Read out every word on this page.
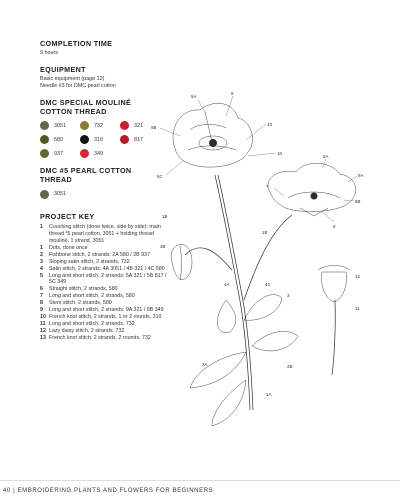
COMPLETION TIME

9 hours

EQUIPMENT

Basic equipment (page 12)

Needle #3 for DMC pearl cotton

DMC SPECIAL MOULINÉ

COTTON THREAD

3051	732	321
580	310	817
937	349

DMC #5 PEARL COTTON

THREAD

3051

PROJECT KEY

1	Couching stitch (done twice, side by side): main thread *5 pearl cotton, 3051 + holding thread mouliné, 1 strand, 3051
1	Dots, done once
2	Fishbone stitch, 2 strands: 2A 580 / 2B 937
3	Sloping satin stitch, 2 strands, 732
4	Satin stitch, 2 strands: 4A 3051 / 4B 321 / 4C 580
5	Long and short stitch, 2 strands: 5A 321 / 5B 817 / 5C 349
6	Straight stitch, 2 strands, 580
7	Long and short stitch, 2 strands, 580
8	Stem stitch, 2 strands, 580
9	Long and short stitch, 2 strands: 9A 321 / 9B 349
10 French knot stitch, 2 strands, 1 or 2 rounds, 310
11 Long and short stitch, 2 strands, 732
12 Lazy daisy stitch, 2 strands, 732
13 French knot stitch, 2 strands, 2 rounds, 732
5A
9
5B
13
5C
10
5A
9A
7
6
9B
1B
4B
1B
4A	4C
3
12
11
2A	2B
1A
40 | EMBROIDERING PLANTS AND FLOWERS FOR BEGINNERS
